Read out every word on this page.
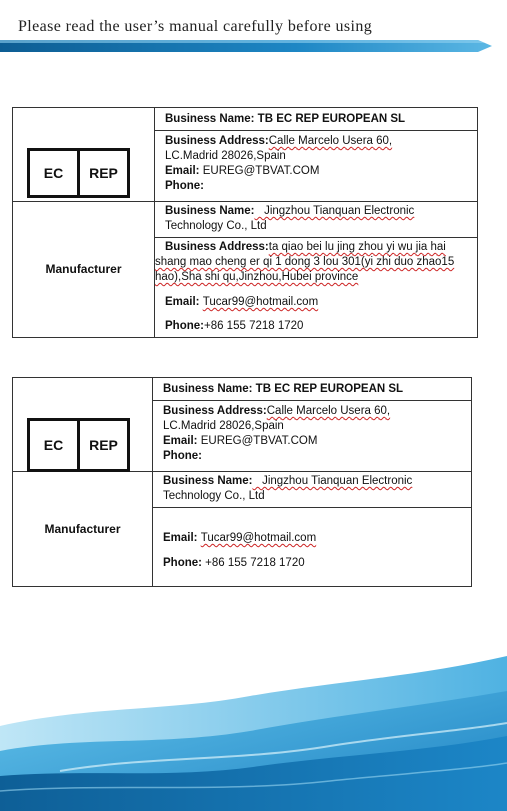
Please read the user’s manual carefully before using
EC	REP
Manufacturer
Business Name: TB EC REP EUROPEAN SL
Business Address:Calle Marcelo Usera 60,
LC.Madrid 28026,Spain
Email: EUREG@TBVAT.COM
Phone:
Business Name:   Jingzhou Tianquan Electronic
Technology Co., Ltd
Business Address:ta qiao bei lu jing zhou yi wu jia hai
shang mao cheng er qi 1 dong 3 lou 301(yi zhi duo zhao15
hao),Sha shi qu,Jinzhou,Hubei province
Email: Tucar99@hotmail.com
Phone:+86 155 7218 1720
EC	REP
Manufacturer
Business Name: TB EC REP EUROPEAN SL
Business Address:Calle Marcelo Usera 60,
LC.Madrid 28026,Spain
Email: EUREG@TBVAT.COM
Phone:
Business Name:   Jingzhou Tianquan Electronic
Technology Co., Ltd
Email: Tucar99@hotmail.com
Phone: +86 155 7218 1720
